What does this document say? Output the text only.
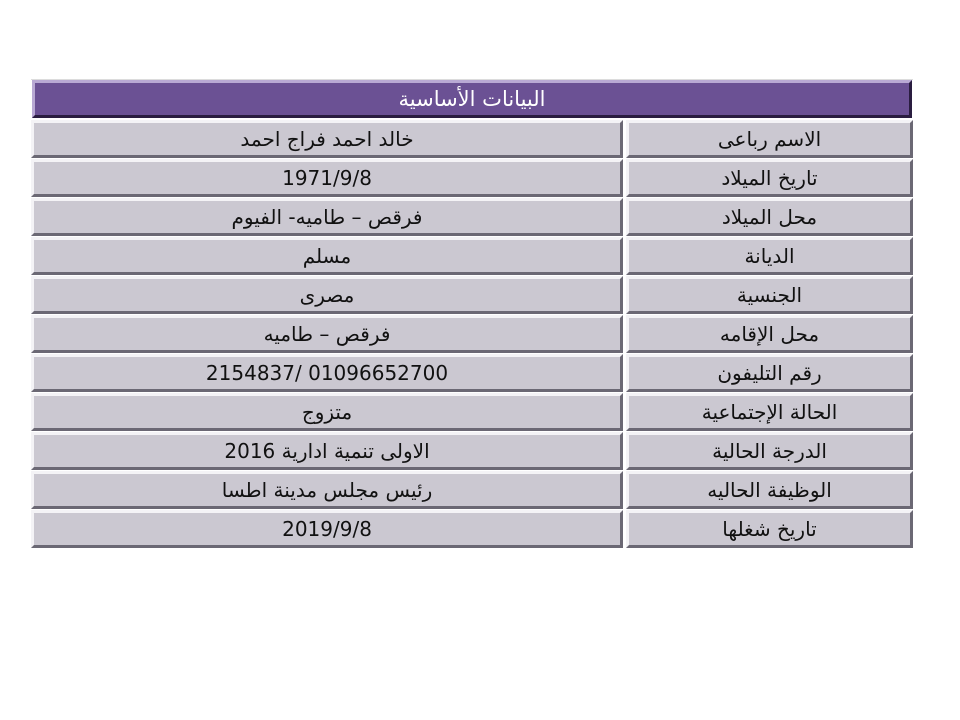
البيانات الأساسية
الاسم رباعى
خالد احمد فراج احمد
تاريخ الميلاد
1971/9/8
محل الميلاد
فرقص – طاميه- الفيوم
الديانة
مسلم
الجنسية
مصرى
محل الإقامه
فرقص – طاميه
رقم التليفون
01096652700 /2154837
الحالة الإجتماعية
متزوج
الدرجة الحالية
الاولى تنمية ادارية 2016
الوظيفة الحاليه
رئيس مجلس مدينة اطسا
تاريخ شغلها
2019/9/8
